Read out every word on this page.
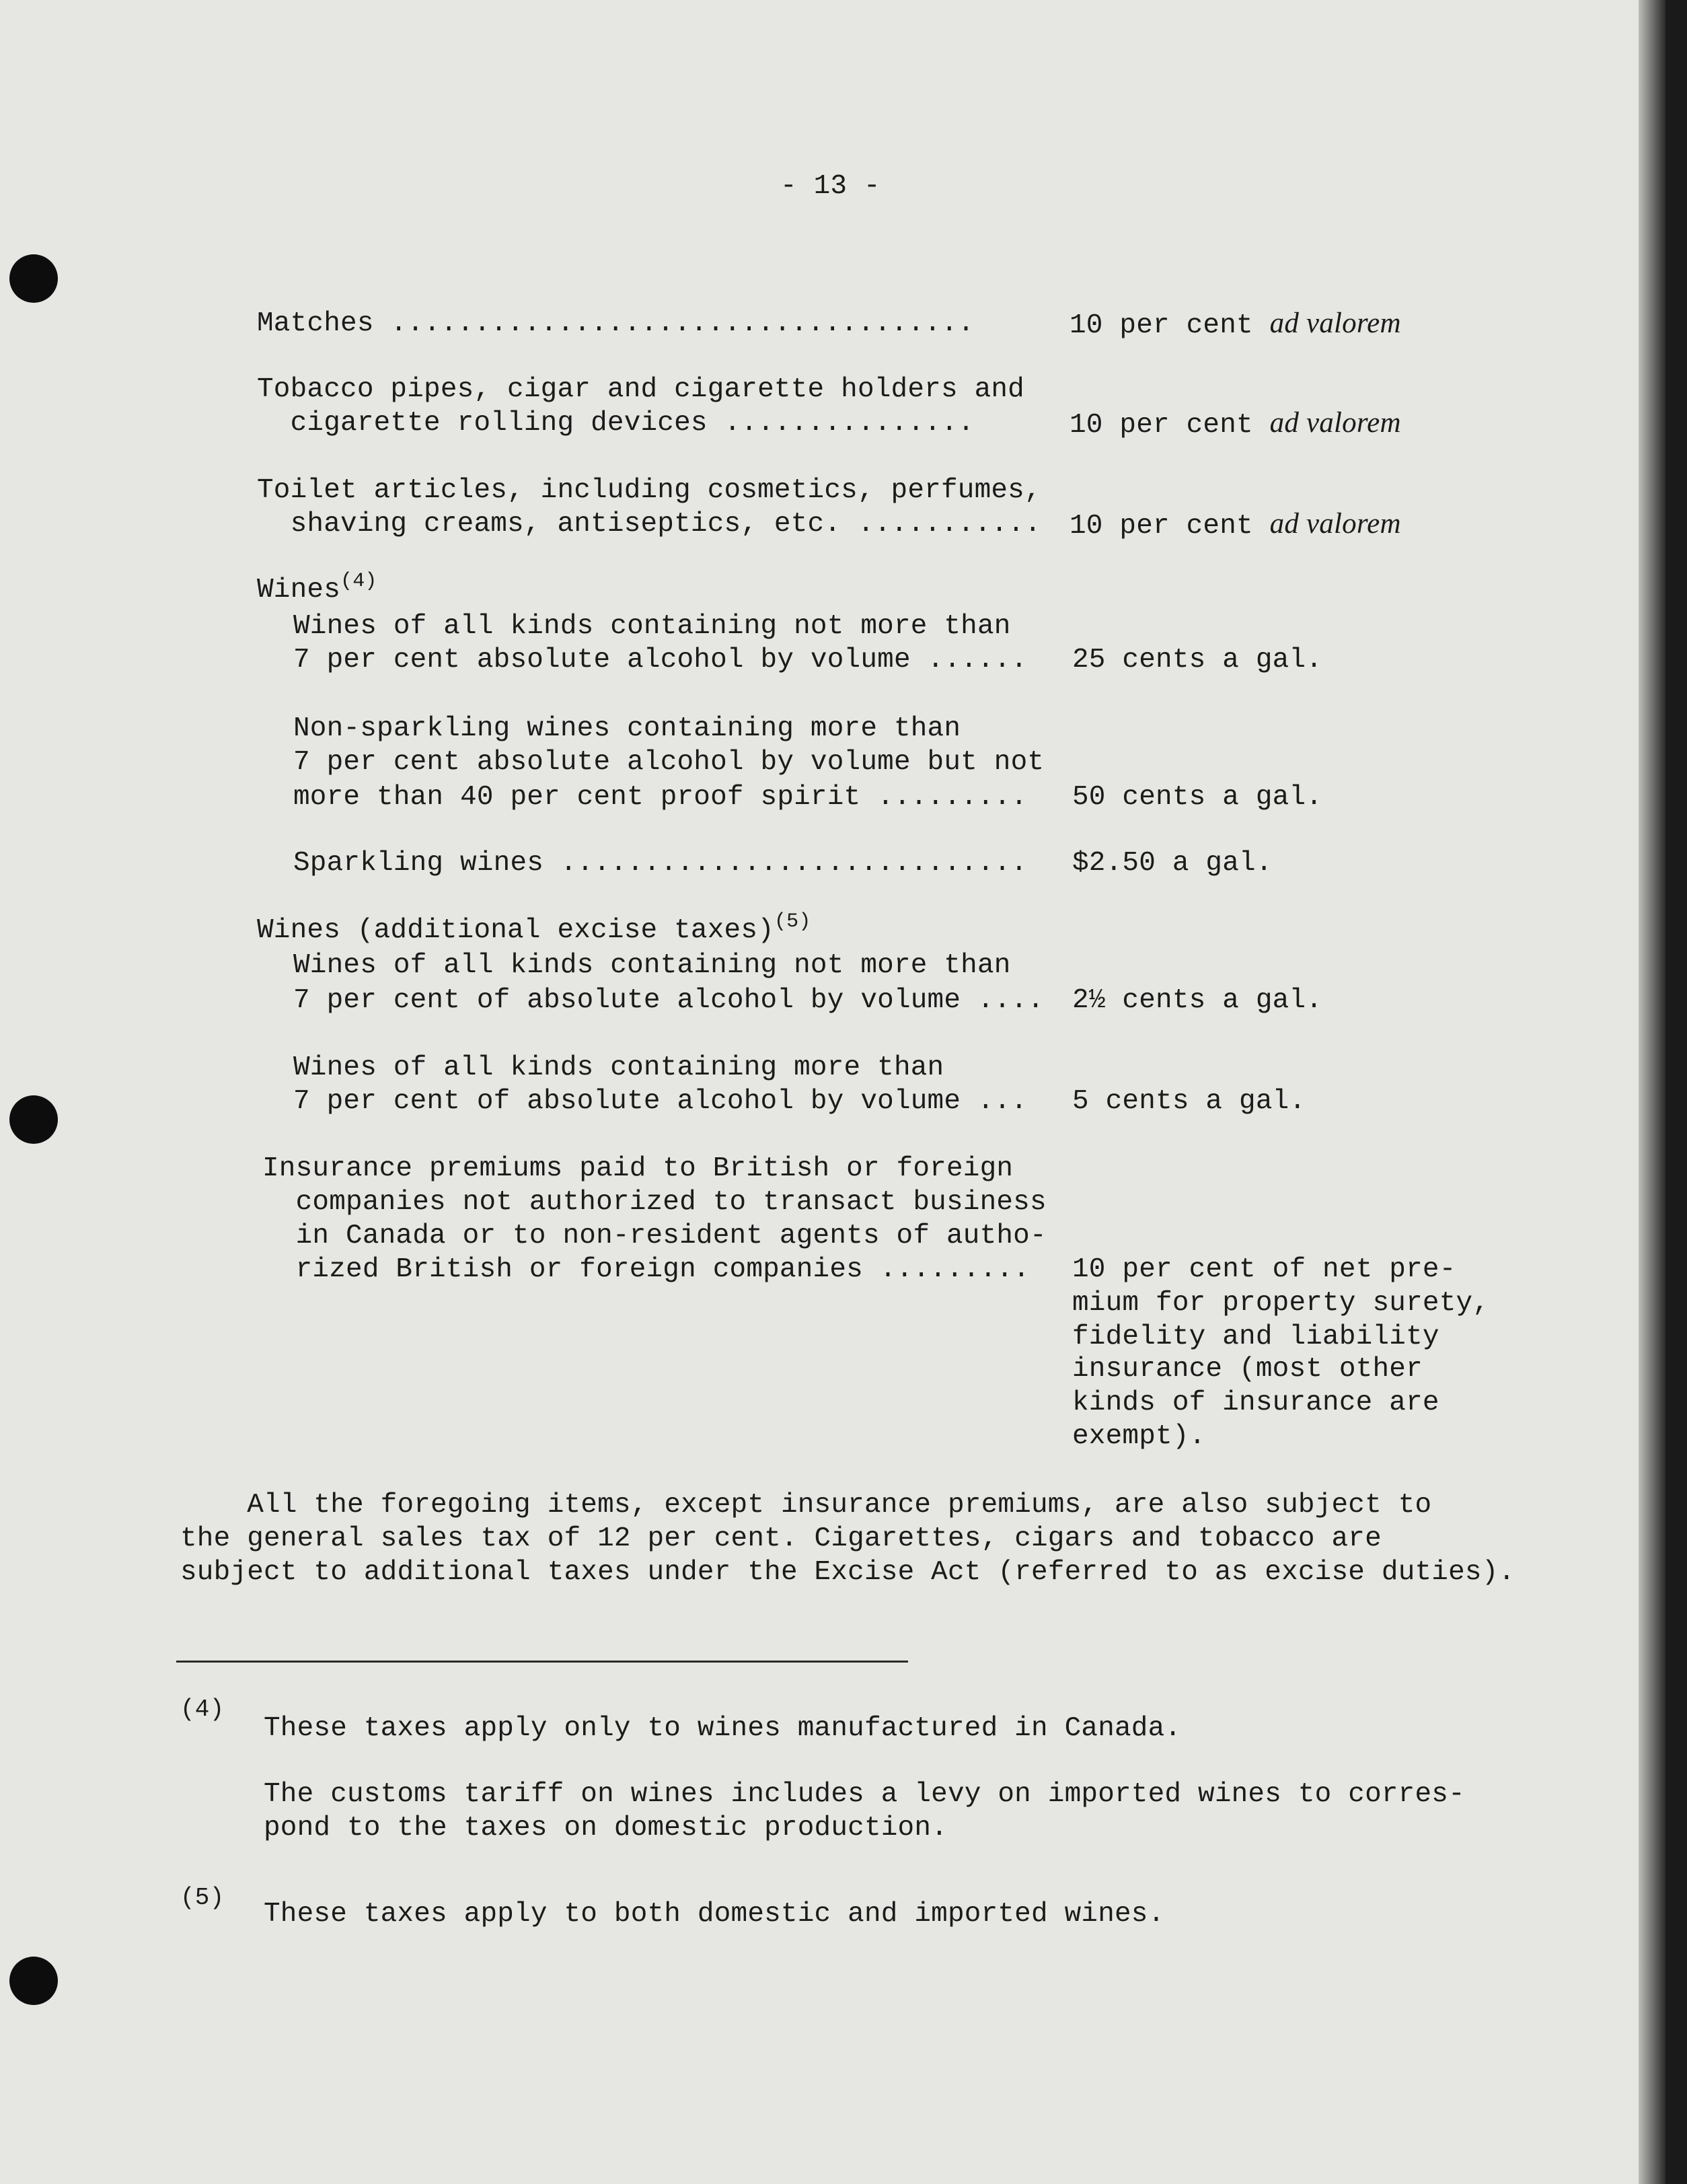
- 13 -
Matches ...................................	10 per cent ad valorem
Tobacco pipes, cigar and cigarette holders and
cigarette rolling devices ...............	10 per cent ad valorem
Toilet articles, including cosmetics, perfumes,
shaving creams, antiseptics, etc. ........... 10 per cent ad valorem
Wines$^{(4)}$
Wines of all kinds containing not more than
7 per cent absolute alcohol by volume ...... 25 cents a gal.
Non-sparkling wines containing more than
7 per cent absolute alcohol by volume but not
more than 40 per cent proof spirit ......... 50 cents a gal.
Sparkling wines ............................ $2.50 a gal.
Wines (additional excise taxes)$^{(5)}$
Wines of all kinds containing not more than
7 per cent of absolute alcohol by volume .... 2½ cents a gal.
Wines of all kinds containing more than
7 per cent of absolute alcohol by volume ... 5 cents a gal.
Insurance premiums paid to British or foreign
companies not authorized to transact business
in Canada or to non-resident agents of autho-
rized British or foreign companies ......... 10 per cent of net pre-
mium for property surety,
fidelity and liability
insurance (most other
kinds of insurance are
exempt).
All the foregoing items, except insurance premiums, are also subject to
the general sales tax of 12 per cent. Cigarettes, cigars and tobacco are
subject to additional taxes under the Excise Act (referred to as excise duties).
(4)
These taxes apply only to wines manufactured in Canada.
The customs tariff on wines includes a levy on imported wines to corres-
pond to the taxes on domestic production.
(5)
These taxes apply to both domestic and imported wines.
